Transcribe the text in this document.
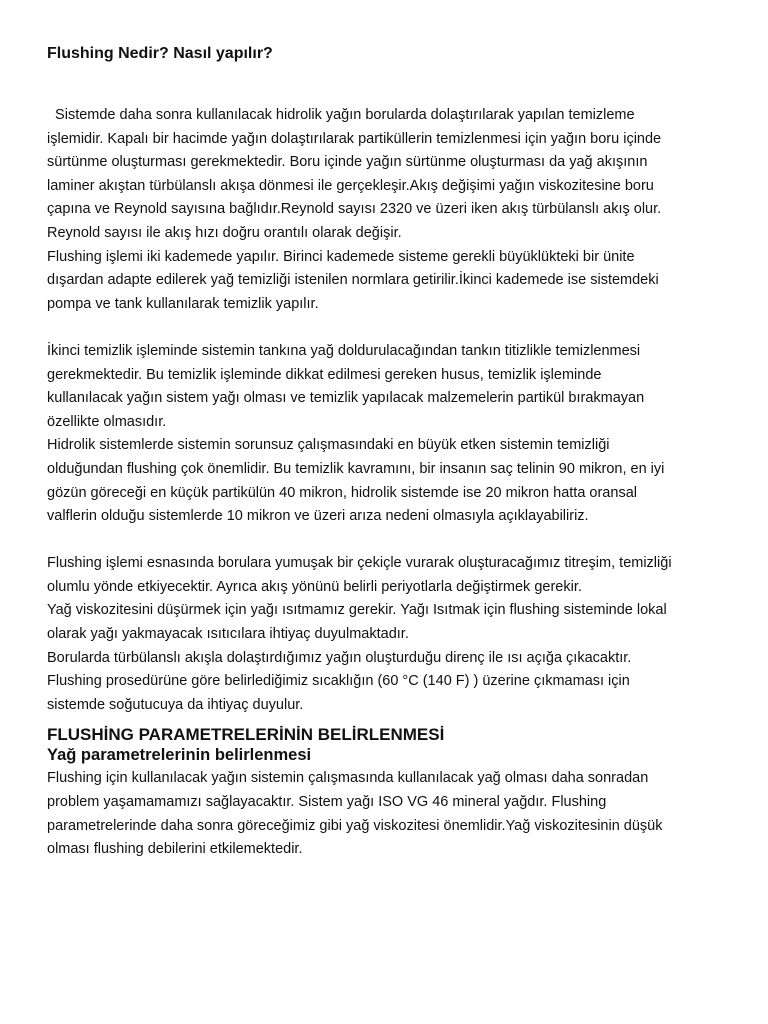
Flushing Nedir? Nasıl yapılır?
Sistemde daha sonra kullanılacak hidrolik yağın borularda dolaştırılarak yapılan temizleme
işlemidir. Kapalı bir hacimde yağın dolaştırılarak partiküllerin temizlenmesi için yağın boru içinde
sürtünme oluşturması gerekmektedir. Boru içinde yağın sürtünme oluşturması da yağ akışının
laminer akıştan türbülanslı akışa dönmesi ile gerçekleşir.Akış değişimi yağın viskozitesine boru
çapına ve Reynold sayısına bağlıdır.Reynold sayısı 2320 ve üzeri iken akış türbülanslı akış olur.
Reynold sayısı ile akış hızı doğru orantılı olarak değişir.
Flushing işlemi iki kademede yapılır. Birinci kademede sisteme gerekli büyüklükteki bir ünite
dışardan adapte edilerek yağ temizliği istenilen normlara getirilir.İkinci kademede ise sistemdeki
pompa ve tank kullanılarak temizlik yapılır.
İkinci temizlik işleminde sistemin tankına yağ doldurulacağından tankın titizlikle temizlenmesi
gerekmektedir. Bu temizlik işleminde dikkat edilmesi gereken husus, temizlik işleminde
kullanılacak yağın sistem yağı olması ve temizlik yapılacak malzemelerin partikül bırakmayan
özellikte olmasıdır.
Hidrolik sistemlerde sistemin sorunsuz çalışmasındaki en büyük etken sistemin temizliği
olduğundan flushing çok önemlidir. Bu temizlik kavramını, bir insanın saç telinin 90 mikron, en iyi
gözün göreceği en küçük partikülün 40 mikron, hidrolik sistemde ise 20 mikron hatta oransal
valflerin olduğu sistemlerde 10 mikron ve üzeri arıza nedeni olmasıyla açıklayabiliriz.
Flushing işlemi esnasında borulara yumuşak bir çekiçle vurarak oluşturacağımız titreşim, temizliği
olumlu yönde etkiyecektir. Ayrıca akış yönünü belirli periyotlarla değiştirmek gerekir.
Yağ viskozitesini düşürmek için yağı ısıtmamız gerekir. Yağı Isıtmak için flushing sisteminde lokal
olarak yağı yakmayacak ısıtıcılara ihtiyaç duyulmaktadır.
Borularda türbülanslı akışla dolaştırdığımız yağın oluşturduğu direnç ile ısı açığa çıkacaktır.
Flushing prosedürüne göre belirlediğimiz sıcaklığın (60 °C (140 F) ) üzerine çıkmaması için
sistemde soğutucuya da ihtiyaç duyulur.
FLUSHİNG PARAMETRELERİNİN BELİRLENMESİ
Yağ parametrelerinin belirlenmesi
Flushing için kullanılacak yağın sistemin çalışmasında kullanılacak yağ olması daha sonradan
problem yaşamamamızı sağlayacaktır. Sistem yağı ISO VG 46 mineral yağdır. Flushing
parametrelerinde daha sonra göreceğimiz gibi yağ viskozitesi önemlidir.Yağ viskozitesinin düşük
olması flushing debilerini etkilemektedir.
